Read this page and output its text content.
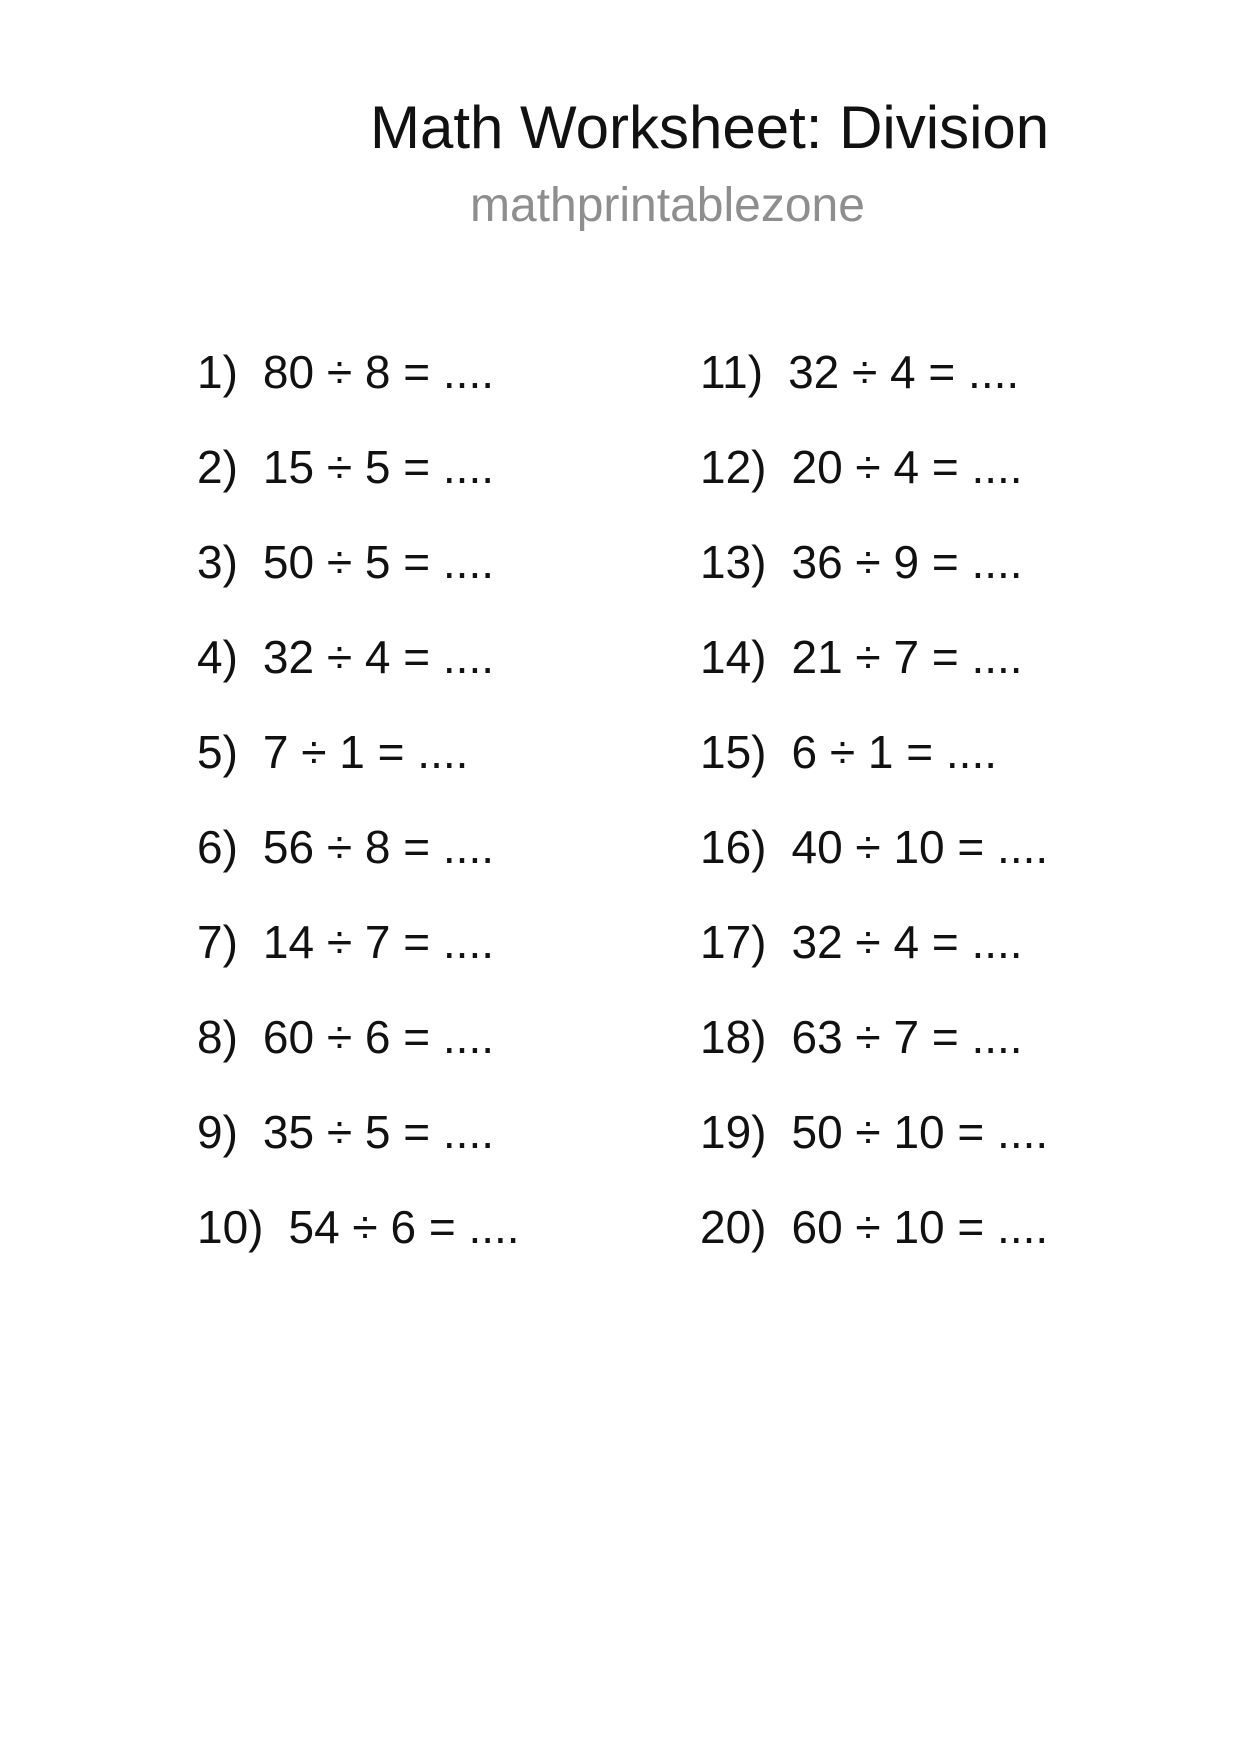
Math Worksheet: Division
mathprintablezone
1) 80 ÷ 8 = ....
2) 15 ÷ 5 = ....
3) 50 ÷ 5 = ....
4) 32 ÷ 4 = ....
5) 7 ÷ 1 = ....
6) 56 ÷ 8 = ....
7) 14 ÷ 7 = ....
8) 60 ÷ 6 = ....
9) 35 ÷ 5 = ....
10) 54 ÷ 6 = ....
11) 32 ÷ 4 = ....
12) 20 ÷ 4 = ....
13) 36 ÷ 9 = ....
14) 21 ÷ 7 = ....
15) 6 ÷ 1 = ....
16) 40 ÷ 10 = ....
17) 32 ÷ 4 = ....
18) 63 ÷ 7 = ....
19) 50 ÷ 10 = ....
20) 60 ÷ 10 = ....
